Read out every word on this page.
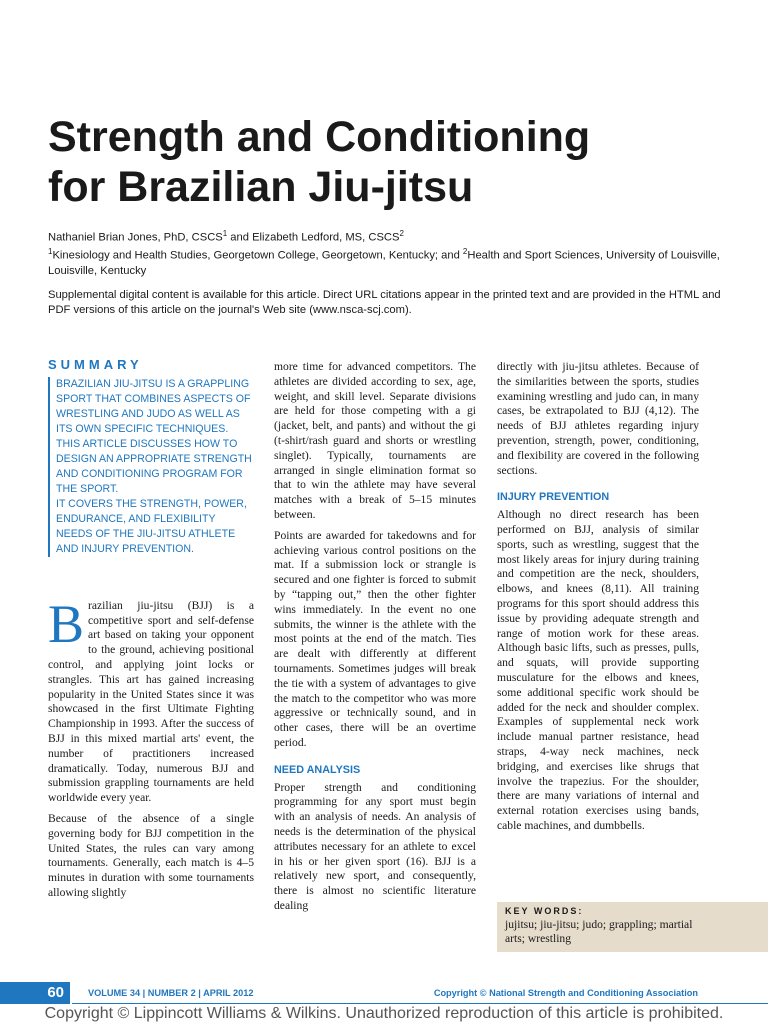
Strength and Conditioning
for Brazilian Jiu-jitsu
Nathaniel Brian Jones, PhD, CSCS$^1$ and Elizabeth Ledford, MS, CSCS$^2$
$^1$Kinesiology and Health Studies, Georgetown College, Georgetown, Kentucky; and $^2$Health and Sport Sciences, University of Louisville, Louisville, Kentucky
Supplemental digital content is available for this article. Direct URL citations appear in the printed text and are provided in the HTML and PDF versions of this article on the journal's Web site (www.nsca-scj.com).
SUMMARY
BRAZILIAN JIU-JITSU IS A GRAPPLING SPORT THAT COMBINES ASPECTS OF WRESTLING AND JUDO AS WELL AS ITS OWN SPECIFIC TECHNIQUES. THIS ARTICLE DISCUSSES HOW TO DESIGN AN APPROPRIATE STRENGTH AND CONDITIONING PROGRAM FOR THE SPORT.
IT COVERS THE STRENGTH, POWER, ENDURANCE, AND FLEXIBILITY NEEDS OF THE JIU-JITSU ATHLETE AND INJURY PREVENTION.

Brazilian jiu-jitsu (BJJ) is a competitive sport and self-defense art based on taking your opponent to the ground, achieving positional control, and applying joint locks or strangles. This art has gained increasing popularity in the United States since it was showcased in the first Ultimate Fighting Championship in 1993. After the success of BJJ in this mixed martial arts' event, the number of practitioners increased dramatically. Today, numerous BJJ and submission grappling tournaments are held worldwide every year.

Because of the absence of a single governing body for BJJ competition in the United States, the rules can vary among tournaments. Generally, each match is 4–5 minutes in duration with some tournaments allowing slightly

more time for advanced competitors. The athletes are divided according to sex, age, weight, and skill level. Separate divisions are held for those competing with a gi (jacket, belt, and pants) and without the gi (t-shirt/rash guard and shorts or wrestling singlet). Typically, tournaments are arranged in single elimination format so that to win the athlete may have several matches with a break of 5–15 minutes between.

Points are awarded for takedowns and for achieving various control positions on the mat. If a submission lock or strangle is secured and one fighter is forced to submit by “tapping out,” then the other fighter wins immediately. In the event no one submits, the winner is the athlete with the most points at the end of the match. Ties are dealt with differently at different tournaments. Sometimes judges will break the tie with a system of advantages to give the match to the competitor who was more aggressive or technically sound, and in other cases, there will be an overtime period.

NEED ANALYSIS

Proper strength and conditioning programming for any sport must begin with an analysis of needs. An analysis of needs is the determination of the physical attributes necessary for an athlete to excel in his or her given sport (16). BJJ is a relatively new sport, and consequently, there is almost no scientific literature dealing

directly with jiu-jitsu athletes. Because of the similarities between the sports, studies examining wrestling and judo can, in many cases, be extrapolated to BJJ (4,12). The needs of BJJ athletes regarding injury prevention, strength, power, conditioning, and flexibility are covered in the following sections.

INJURY PREVENTION

Although no direct research has been performed on BJJ, analysis of similar sports, such as wrestling, suggest that the most likely areas for injury during training and competition are the neck, shoulders, elbows, and knees (8,11). All training programs for this sport should address this issue by providing adequate strength and range of motion work for these areas. Although basic lifts, such as presses, pulls, and squats, will provide supporting musculature for the elbows and knees, some additional specific work should be added for the neck and shoulder complex. Examples of supplemental neck work include manual partner resistance, head straps, 4-way neck machines, neck bridging, and exercises like shrugs that involve the trapezius. For the shoulder, there are many variations of internal and external rotation exercises using bands, cable machines, and dumbbells.

KEY WORDS:
jujitsu; jiu-jitsu; judo; grappling; martial arts; wrestling
60	VOLUME 34 | NUMBER 2 | APRIL 2012	Copyright © National Strength and Conditioning Association
Copyright © Lippincott Williams & Wilkins. Unauthorized reproduction of this article is prohibited.
